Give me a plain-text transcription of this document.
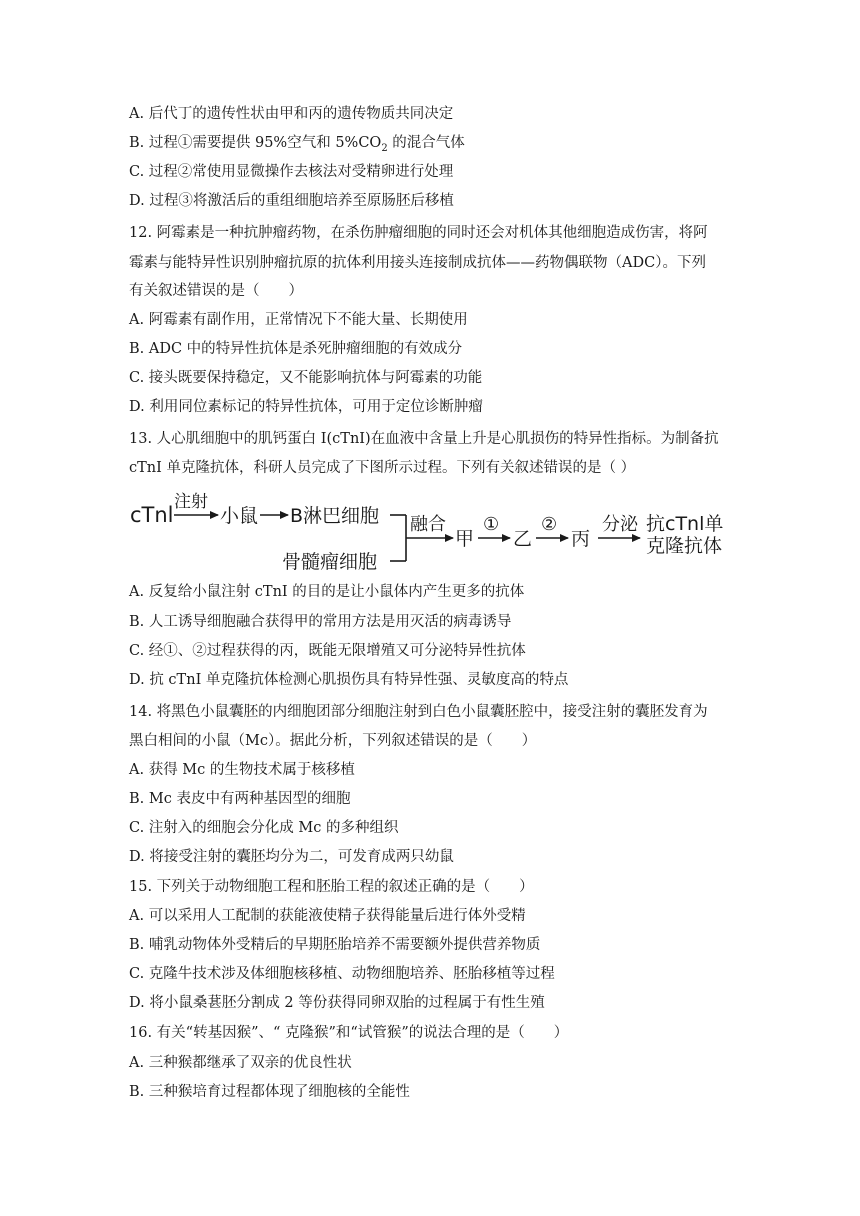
A. 后代丁的遗传性状由甲和丙的遗传物质共同决定
B. 过程①需要提供 95%空气和 $5\%CO_2$ 的混合气体
C. 过程②常使用显微操作去核法对受精卵进行处理
D. 过程③将激活后的重组细胞培养至原肠胚后移植
12. 阿霉素是一种抗肿瘤药物，在杀伤肿瘤细胞的同时还会对机体其他细胞造成伤害，将阿
霉素与能特异性识别肿瘤抗原的抗体利用接头连接制成抗体——药物偶联物（ADC）。下列
有关叙述错误的是（　　）
A. 阿霉素有副作用，正常情况下不能大量、长期使用
B. ADC 中的特异性抗体是杀死肿瘤细胞的有效成分
C. 接头既要保持稳定，又不能影响抗体与阿霉素的功能
D. 利用同位素标记的特异性抗体，可用于定位诊断肿瘤
13. 人心肌细胞中的肌钙蛋白 I(cTnI)在血液中含量上升是心肌损伤的特异性指标。为制备抗
cTnI 单克隆抗体，科研人员完成了下图所示过程。下列有关叙述错误的是（ ）
cTnl
注射
小鼠 B淋巴细胞
骨髓瘤细胞
融合
甲
①
乙
②
丙
分泌 抗cTnl单
克隆抗体
A. 反复给小鼠注射 cTnI 的目的是让小鼠体内产生更多的抗体
B. 人工诱导细胞融合获得甲的常用方法是用灭活的病毒诱导
C. 经①、②过程获得的丙，既能无限增殖又可分泌特异性抗体
D. 抗 cTnI 单克隆抗体检测心肌损伤具有特异性强、灵敏度高的特点
14. 将黑色小鼠囊胚的内细胞团部分细胞注射到白色小鼠囊胚腔中，接受注射的囊胚发育为
黑白相间的小鼠（Mc）。据此分析，下列叙述错误的是（　　）
A. 获得 Mc 的生物技术属于核移植
B. Mc 表皮中有两种基因型的细胞
C. 注射入的细胞会分化成 Mc 的多种组织
D. 将接受注射的囊胚均分为二，可发育成两只幼鼠
15. 下列关于动物细胞工程和胚胎工程的叙述正确的是（　　）
A. 可以采用人工配制的获能液使精子获得能量后进行体外受精
B. 哺乳动物体外受精后的早期胚胎培养不需要额外提供营养物质
C. 克隆牛技术涉及体细胞核移植、动物细胞培养、胚胎移植等过程
D. 将小鼠桑葚胚分割成 2 等份获得同卵双胎的过程属于有性生殖
16. 有关“转基因猴”、“ 克隆猴”和“试管猴”的说法合理的是（　　）
A. 三种猴都继承了双亲的优良性状
B. 三种猴培育过程都体现了细胞核的全能性
